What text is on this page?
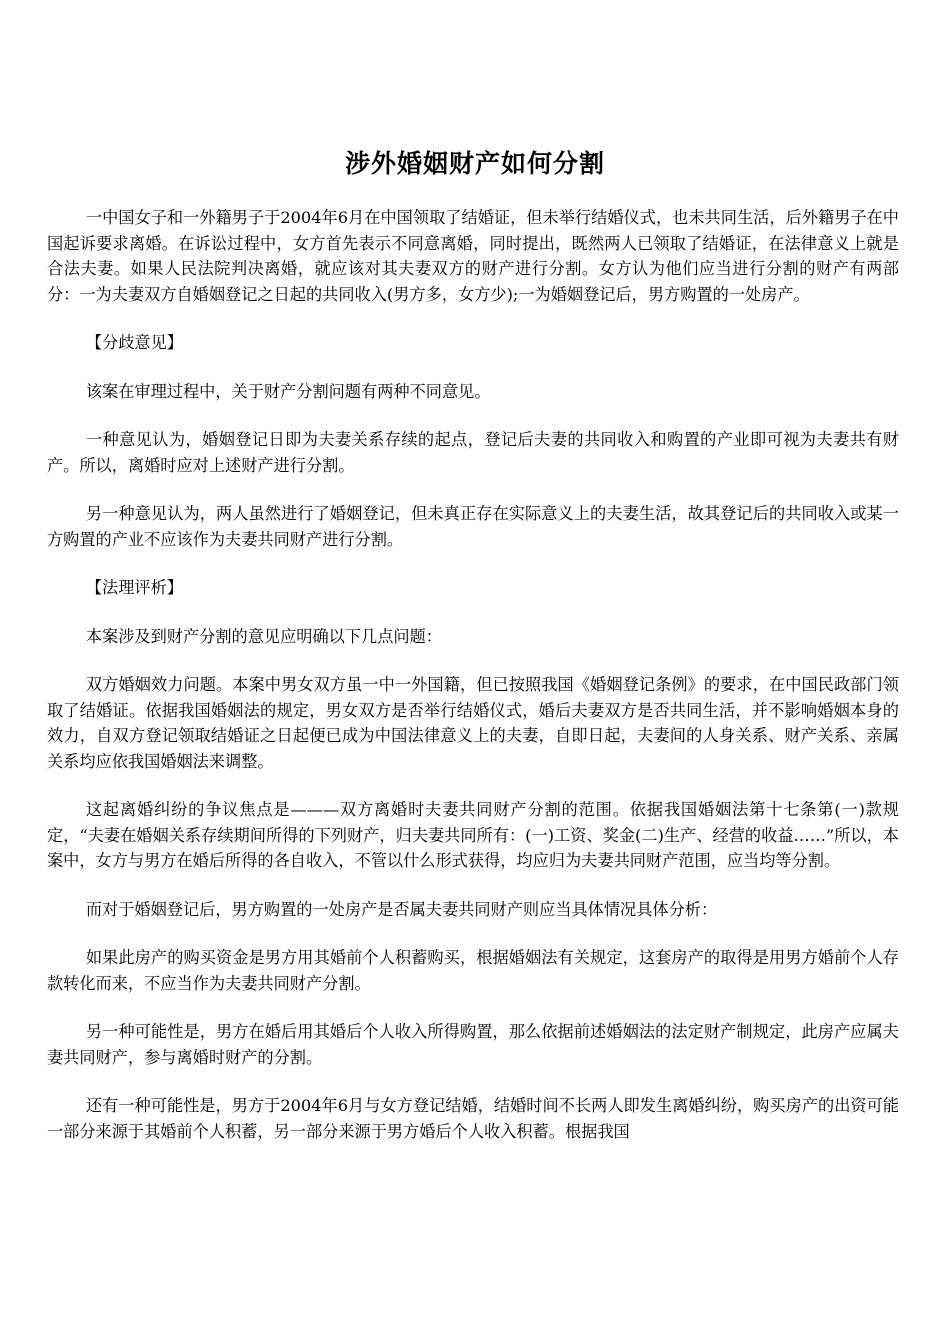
涉外婚姻财产如何分割

一中国女子和一外籍男子于2004年6月在中国领取了结婚证，但未举行结婚仪式，也未共同生活，后外籍男子在中国起诉要求离婚。在诉讼过程中，女方首先表示不同意离婚，同时提出，既然两人已领取了结婚证，在法律意义上就是合法夫妻。如果人民法院判决离婚，就应该对其夫妻双方的财产进行分割。女方认为他们应当进行分割的财产有两部分：一为夫妻双方自婚姻登记之日起的共同收入(男方多，女方少);一为婚姻登记后，男方购置的一处房产。

【分歧意见】

该案在审理过程中，关于财产分割问题有两种不同意见。

一种意见认为，婚姻登记日即为夫妻关系存续的起点，登记后夫妻的共同收入和购置的产业即可视为夫妻共有财产。所以，离婚时应对上述财产进行分割。

另一种意见认为，两人虽然进行了婚姻登记，但未真正存在实际意义上的夫妻生活，故其登记后的共同收入或某一方购置的产业不应该作为夫妻共同财产进行分割。

【法理评析】

本案涉及到财产分割的意见应明确以下几点问题：

双方婚姻效力问题。本案中男女双方虽一中一外国籍，但已按照我国《婚姻登记条例》的要求，在中国民政部门领取了结婚证。依据我国婚姻法的规定，男女双方是否举行结婚仪式，婚后夫妻双方是否共同生活，并不影响婚姻本身的效力，自双方登记领取结婚证之日起便已成为中国法律意义上的夫妻，自即日起，夫妻间的人身关系、财产关系、亲属关系均应依我国婚姻法来调整。

这起离婚纠纷的争议焦点是———双方离婚时夫妻共同财产分割的范围。依据我国婚姻法第十七条第(一)款规定，“夫妻在婚姻关系存续期间所得的下列财产，归夫妻共同所有：(一)工资、奖金(二)生产、经营的收益……”所以，本案中，女方与男方在婚后所得的各自收入，不管以什么形式获得，均应归为夫妻共同财产范围，应当均等分割。

而对于婚姻登记后，男方购置的一处房产是否属夫妻共同财产则应当具体情况具体分析：

如果此房产的购买资金是男方用其婚前个人积蓄购买，根据婚姻法有关规定，这套房产的取得是用男方婚前个人存款转化而来，不应当作为夫妻共同财产分割。

另一种可能性是，男方在婚后用其婚后个人收入所得购置，那么依据前述婚姻法的法定财产制规定，此房产应属夫妻共同财产，参与离婚时财产的分割。

还有一种可能性是，男方于2004年6月与女方登记结婚，结婚时间不长两人即发生离婚纠纷，购买房产的出资可能一部分来源于其婚前个人积蓄，另一部分来源于男方婚后个人收入积蓄。根据我国
